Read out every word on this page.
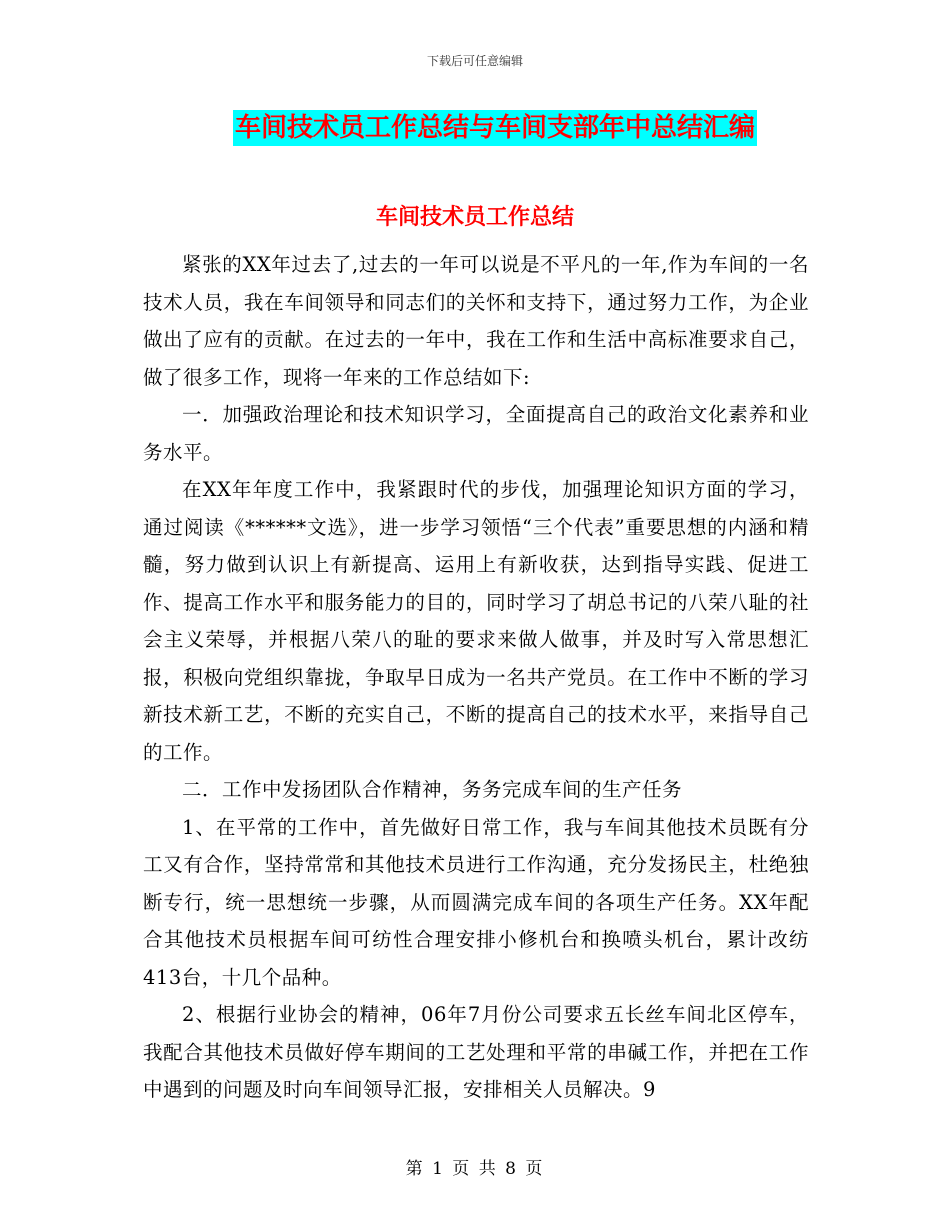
下载后可任意编辑
车间技术员工作总结与车间支部年中总结汇编
车间技术员工作总结

紧张的XX年过去了,过去的一年可以说是不平凡的一年,作为车间的一名技术人员，我在车间领导和同志们的关怀和支持下，通过努力工作，为企业做出了应有的贡献。在过去的一年中，我在工作和生活中高标准要求自己，做了很多工作，现将一年来的工作总结如下:

一．加强政治理论和技术知识学习，全面提高自己的政治文化素养和业务水平。

在XX年年度工作中，我紧跟时代的步伐，加强理论知识方面的学习，通过阅读《******文选》，进一步学习领悟“三个代表”重要思想的内涵和精髓，努力做到认识上有新提高、运用上有新收获，达到指导实践、促进工作、提高工作水平和服务能力的目的，同时学习了胡总书记的八荣八耻的社会主义荣辱，并根据八荣八的耻的要求来做人做事，并及时写入常思想汇报，积极向党组织靠拢，争取早日成为一名共产党员。在工作中不断的学习新技术新工艺，不断的充实自己，不断的提高自己的技术水平，来指导自己的工作。

二．工作中发扬团队合作精神，务务完成车间的生产任务

1、在平常的工作中，首先做好日常工作，我与车间其他技术员既有分工又有合作，坚持常常和其他技术员进行工作沟通，充分发扬民主，杜绝独断专行，统一思想统一步骤，从而圆满完成车间的各项生产任务。XX年配合其他技术员根据车间可纺性合理安排小修机台和换喷头机台，累计改纺413台，十几个品种。

2、根据行业协会的精神，06年7月份公司要求五长丝车间北区停车，我配合其他技术员做好停车期间的工艺处理和平常的串碱工作，并把在工作中遇到的问题及时向车间领导汇报，安排相关人员解决。9

第 1 页 共 8 页
